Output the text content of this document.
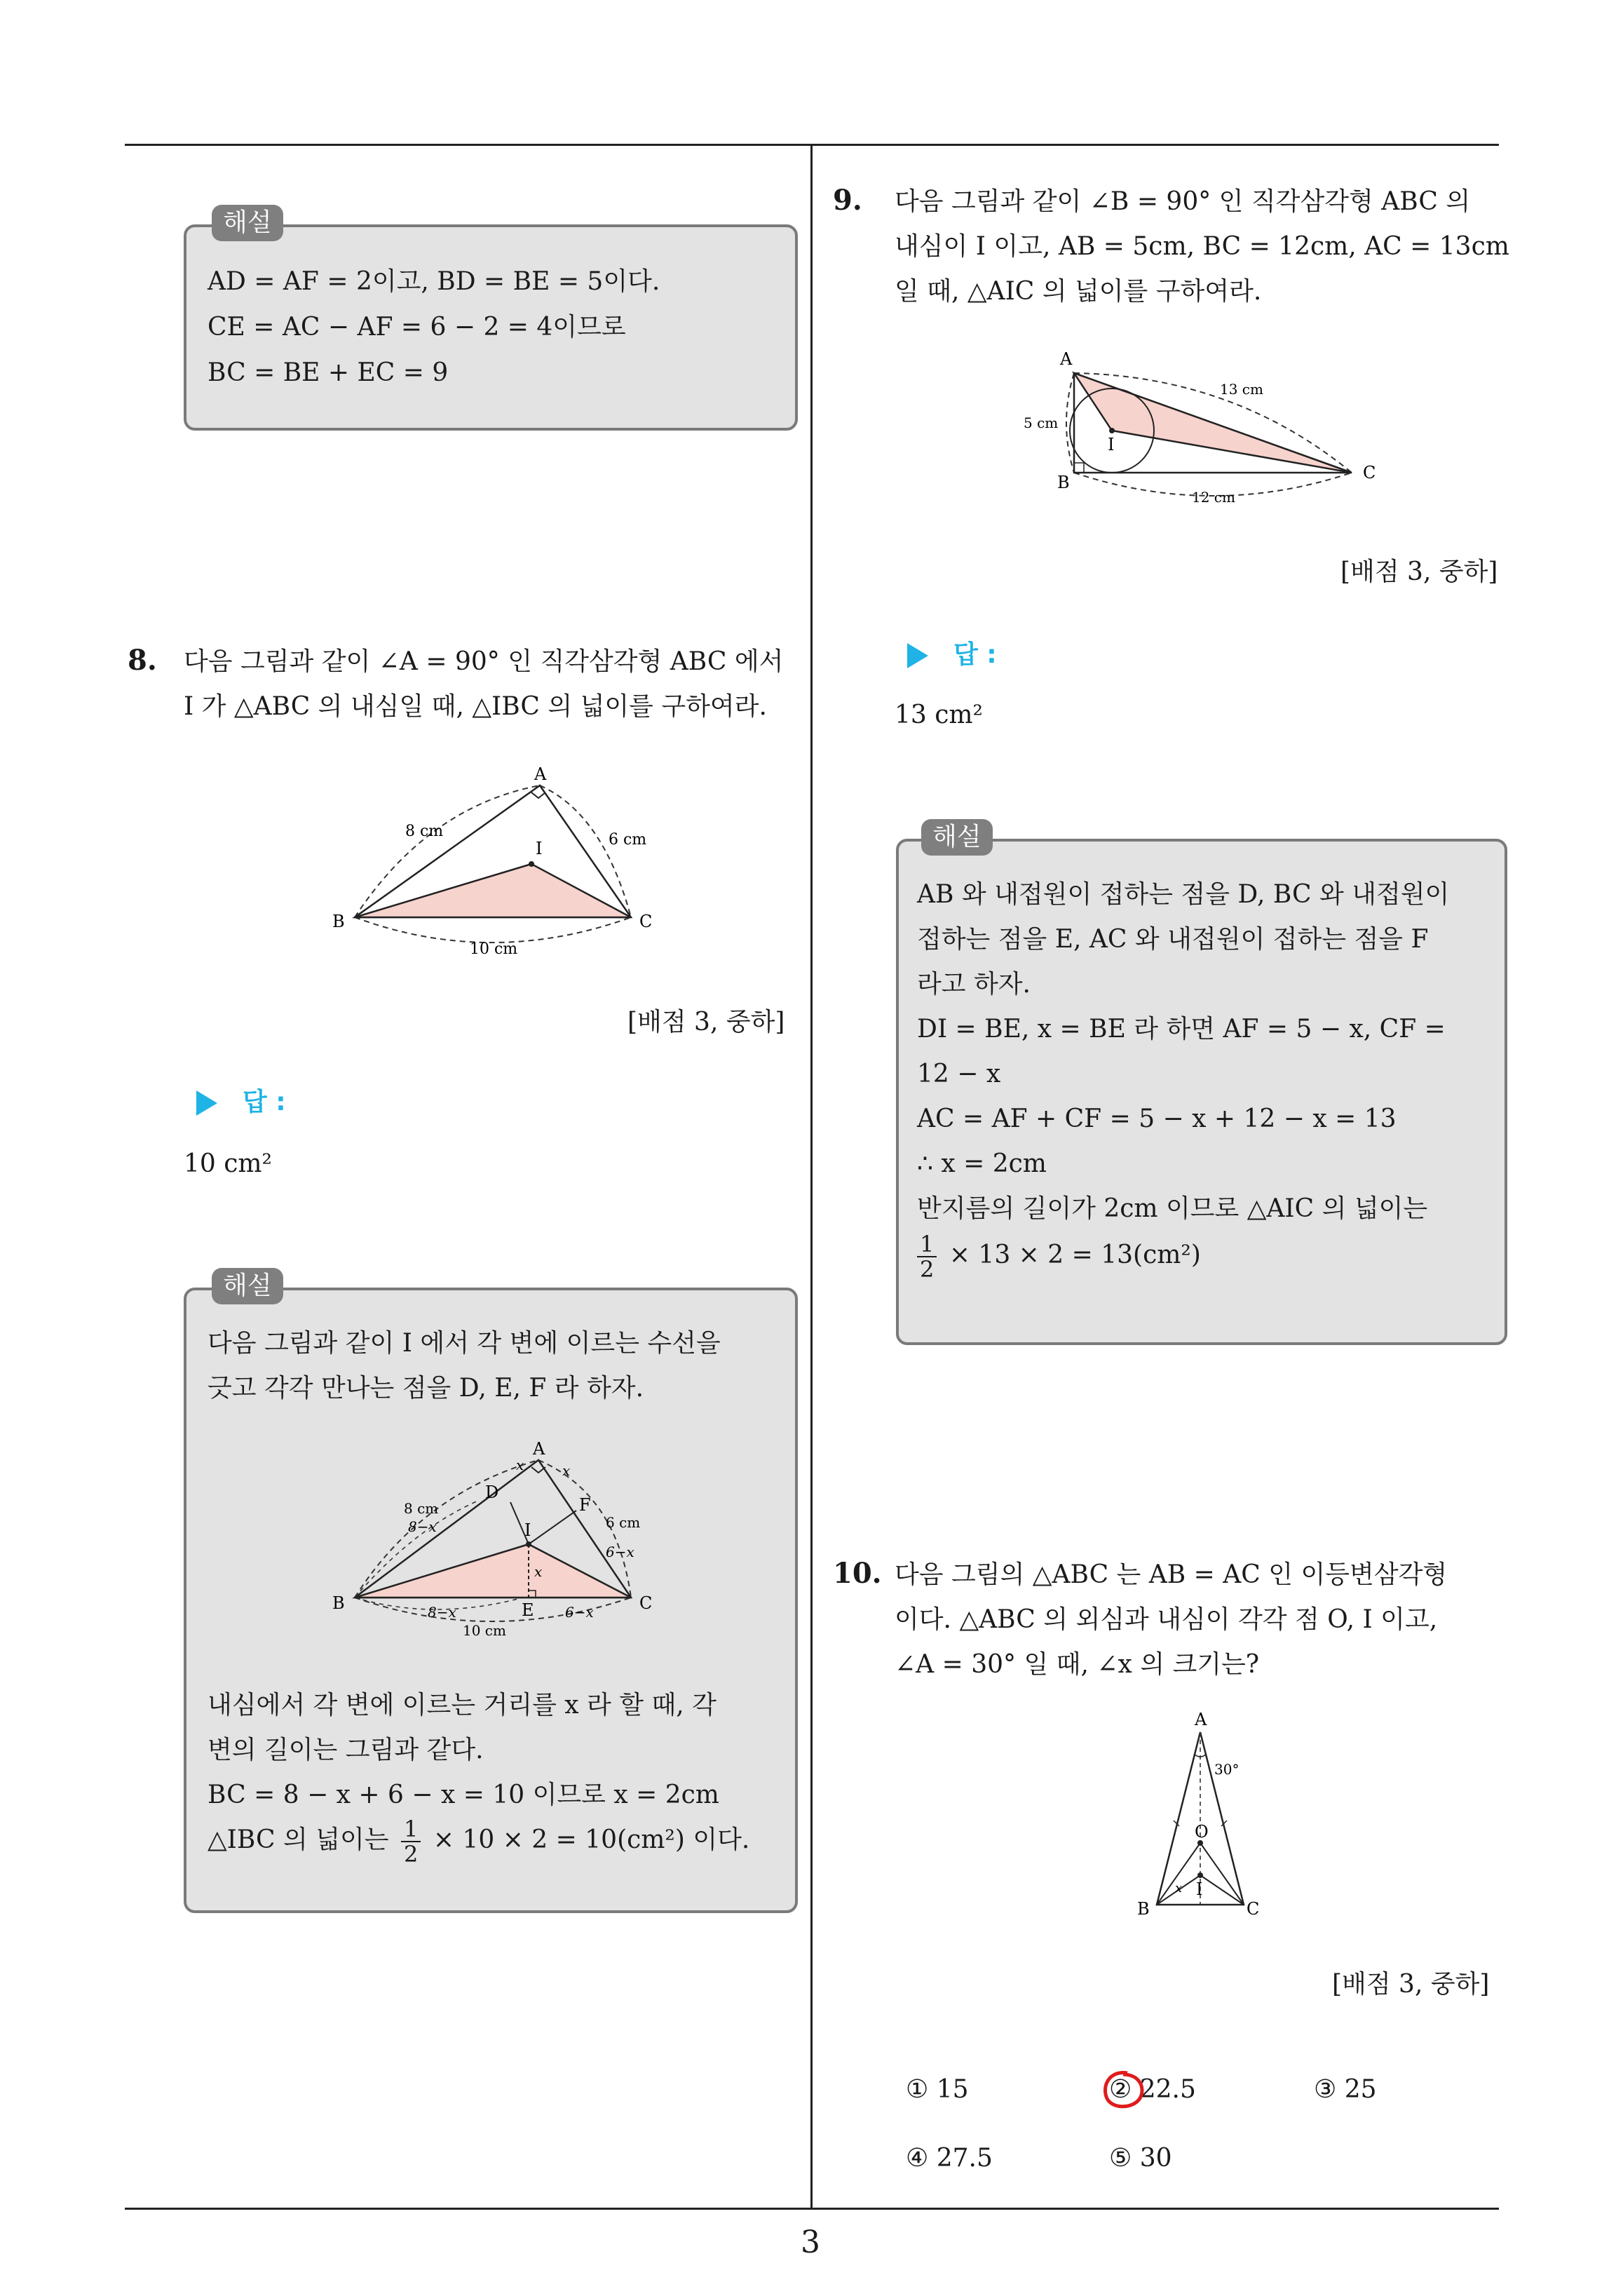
3
해설
AD = AF = 2이고, BD = BE = 5이다.
CE = AC − AF = 6 − 2 = 4이므로
BC = BE + EC = 9
8. 다음 그림과 같이 ∠A = 90° 인 직각삼각형 ABC 에서
I 가 △ABC 의 내심일 때, △IBC 의 넓이를 구하여라.
A
B	C
I
8 cm	6 cm
10 cm
[배점 3, 중하]
답 :
10 cm²
해설
다음 그림과 같이 I 에서 각 변에 이르는 수선을
긋고 각각 만나는 점을 D, E, F 라 하자.
A
B	C
I
D
E
F
8 cm
8−x	6 cm
6−x
8−x	6−x
10 cm
x	x
x
내심에서 각 변에 이르는 거리를 x 라 할 때, 각
변의 길이는 그림과 같다.
BC = 8 − x + 6 − x = 10 이므로 x = 2cm
△IBC 의 넓이는 $\frac{1}{2} \times 10 \times 2 = 10(cm^2)$ 이다.
9. 다음 그림과 같이 ∠B = 90° 인 직각삼각형 ABC 의
내심이 I 이고, AB = 5cm, BC = 12cm, AC = 13cm
일 때, △AIC 의 넓이를 구하여라.
A
B	C
I
5 cm
13 cm
12 cm
[배점 3, 중하]
답 :
13 cm²
해설
AB 와 내접원이 접하는 점을 D, BC 와 내접원이
접하는 점을 E, AC 와 내접원이 접하는 점을 F
라고 하자.
DI = BE, x = BE 라 하면 AF = 5 − x, CF =
12 − x
AC = AF + CF = 5 − x + 12 − x = 13
∴ x = 2cm
반지름의 길이가 2cm 이므로 △AIC 의 넓이는
$\frac{1}{2} \times 13 \times 2 = 13(cm^2)$
10. 다음 그림의 △ABC 는 AB = AC 인 이등변삼각형
이다. △ABC 의 외심과 내심이 각각 점 O, I 이고,
∠A = 30° 일 때, ∠x 의 크기는?
A
B	C
O
I
30°
x
[배점 3, 중하]
① 15	② 22.5	③ 25
④ 27.5	⑤ 30
